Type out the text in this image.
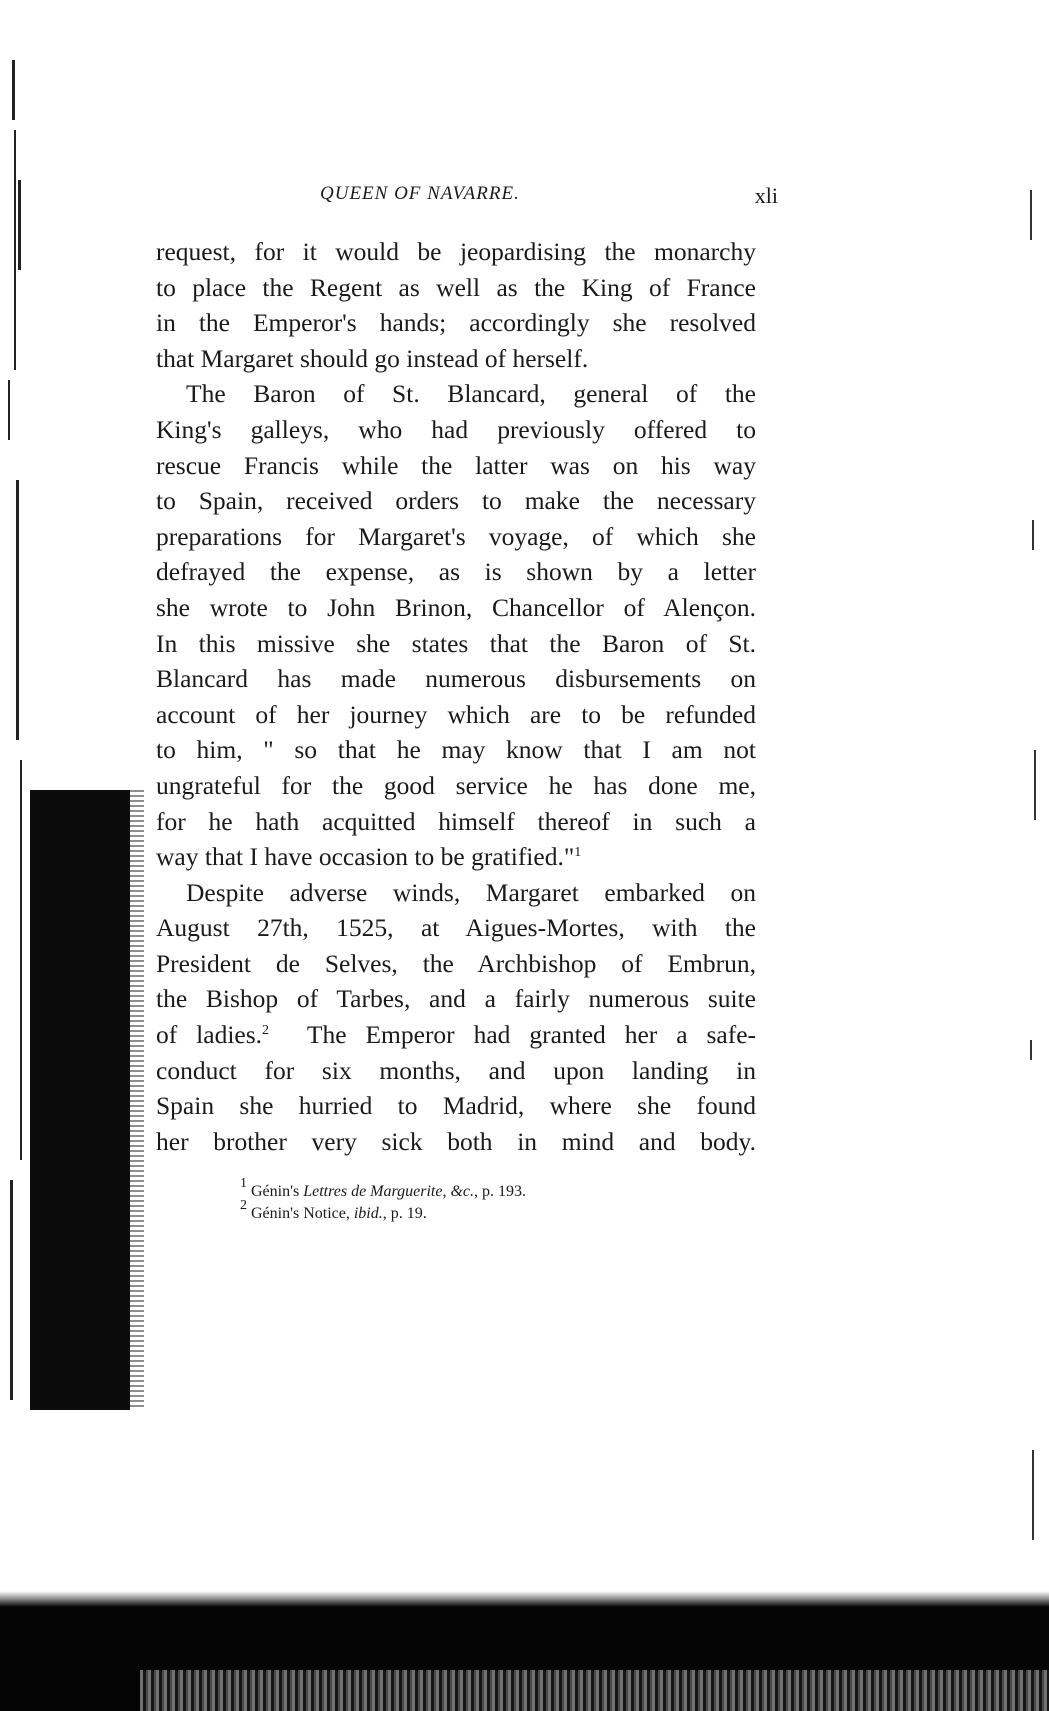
QUEEN OF NAVARRE.	xli
request, for it would be jeopardising the monarchy
to place the Regent as well as the King of France
in the Emperor's hands; accordingly she resolved
that Margaret should go instead of herself.
The Baron of St. Blancard, general of the
King's galleys, who had previously offered to
rescue Francis while the latter was on his way
to Spain, received orders to make the necessary
preparations for Margaret's voyage, of which she
defrayed the expense, as is shown by a letter
she wrote to John Brinon, Chancellor of Alençon.
In this missive she states that the Baron of St.
Blancard has made numerous disbursements on
account of her journey which are to be refunded
to him, " so that he may know that I am not
ungrateful for the good service he has done me,
for he hath acquitted himself thereof in such a
way that I have occasion to be gratified."$^1$
Despite adverse winds, Margaret embarked on
August 27th, 1525, at Aigues-Mortes, with the
President de Selves, the Archbishop of Embrun,
the Bishop of Tarbes, and a fairly numerous suite
of ladies.$^2$ The Emperor had granted her a safe-
conduct for six months, and upon landing in
Spain she hurried to Madrid, where she found
her brother very sick both in mind and body.
$^1$ Génin's Lettres de Marguerite, &c., p. 193.
$^2$ Génin's Notice, ibid., p. 19.
